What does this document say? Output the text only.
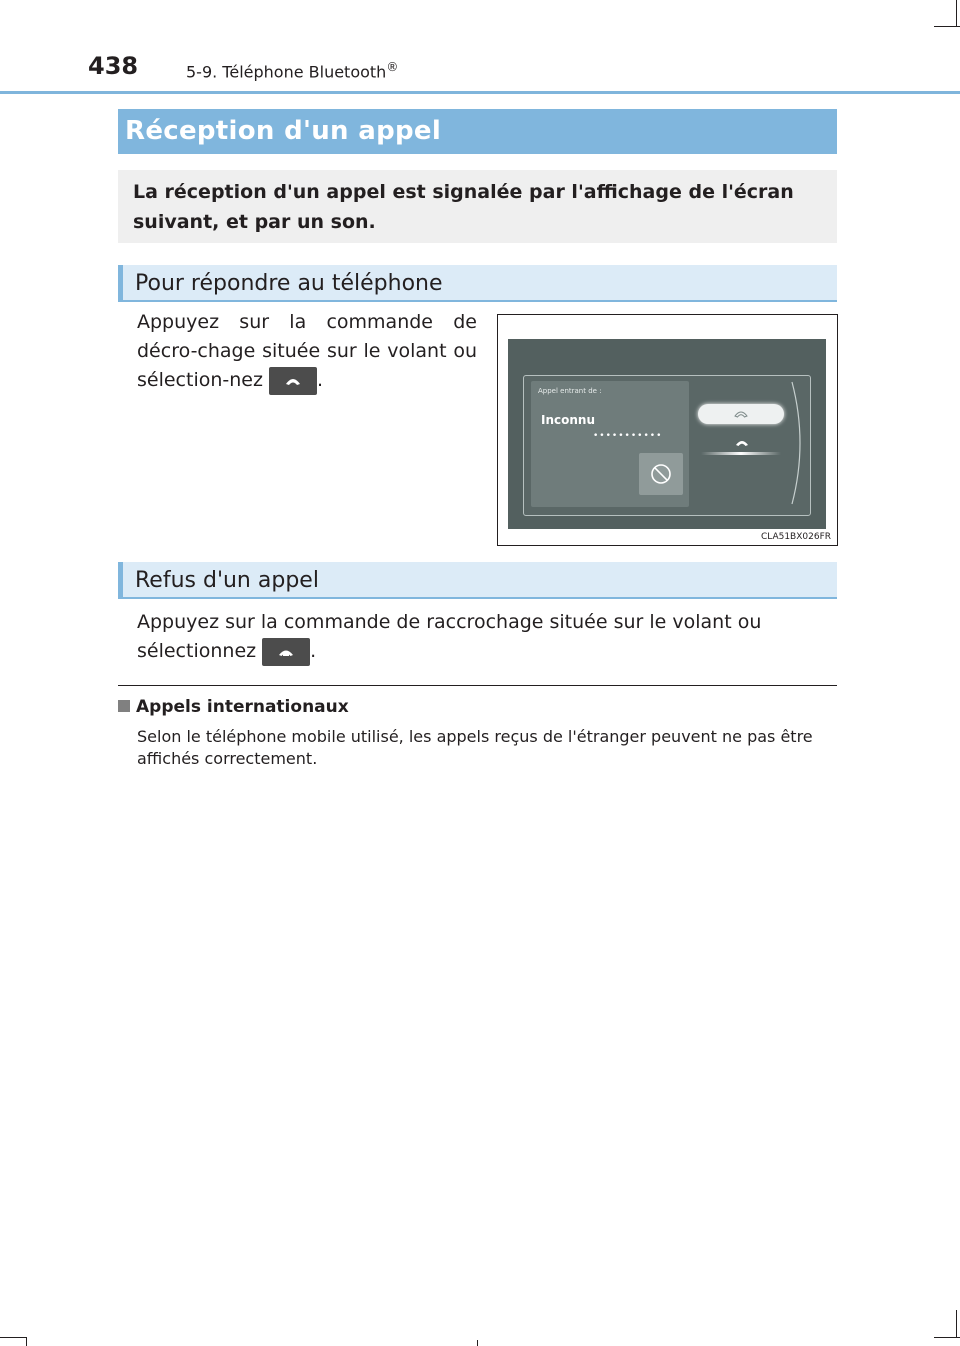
438	5-9. Téléphone Bluetooth®
Réception d'un appel
La réception d'un appel est signalée par l'affichage de l'écran suivant, et par un son.
Pour répondre au téléphone
Appuyez sur la commande de décro-chage située sur le volant ou sélection-nez	.	Appel entrant de :
Inconnu
•••••••••••
CLA51BX026FR
Refus d'un appel
Appuyez sur la commande de raccrochage située sur le volant ou sélectionnez	.
Appels internationaux
Selon le téléphone mobile utilisé, les appels reçus de l'étranger peuvent ne pas être affichés correctement.
